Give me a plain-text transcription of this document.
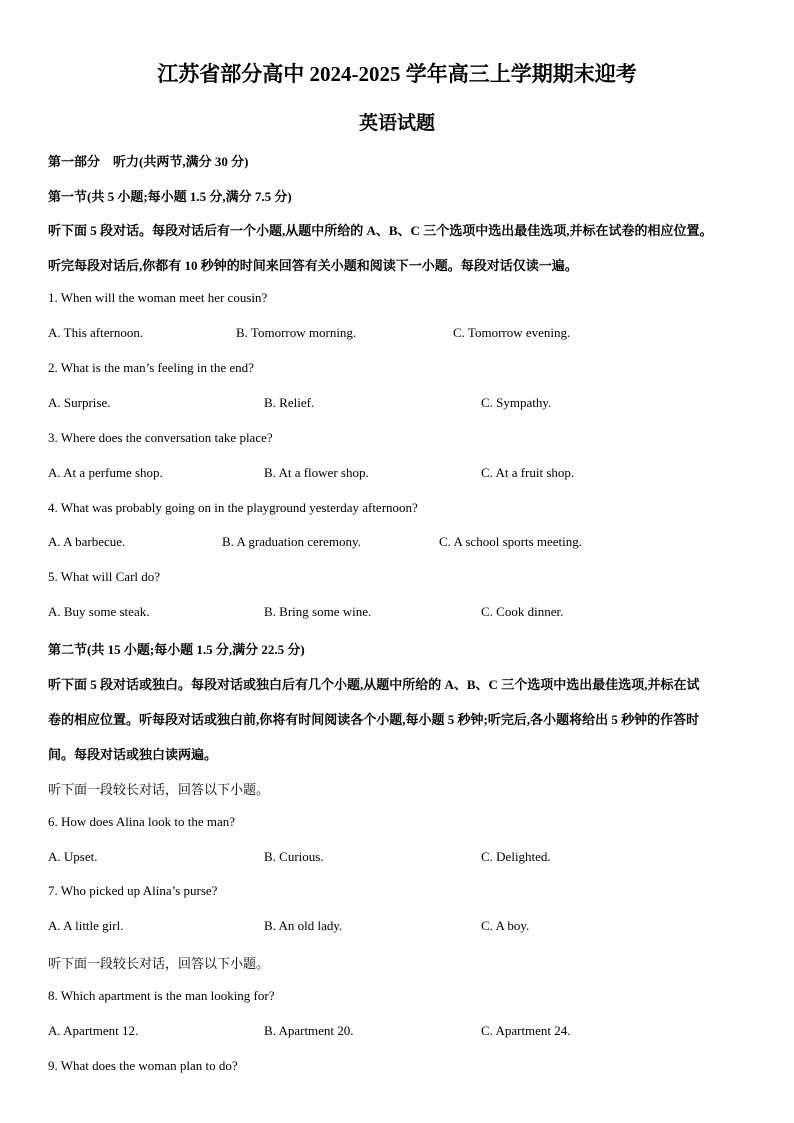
江苏省部分高中 2024-2025 学年高三上学期期末迎考
英语试题
第一部分　听力(共两节,满分 30 分)
第一节(共 5 小题;每小题 1.5 分,满分 7.5 分)
听下面 5 段对话。每段对话后有一个小题,从题中所给的 A、B、C 三个选项中选出最佳选项,并标在试卷的相应位置。
听完每段对话后,你都有 10 秒钟的时间来回答有关小题和阅读下一小题。每段对话仅读一遍。
1. When will the woman meet her cousin?
A. This afternoon.	B. Tomorrow morning.	C. Tomorrow evening.
2. What is the man’s feeling in the end?
A. Surprise.	B. Relief.	C. Sympathy.
3. Where does the conversation take place?
A. At a perfume shop.	B. At a flower shop.	C. At a fruit shop.
4. What was probably going on in the playground yesterday afternoon?
A. A barbecue.	B. A graduation ceremony.	C. A school sports meeting.
5. What will Carl do?
A. Buy some steak.	B. Bring some wine.	C. Cook dinner.
第二节(共 15 小题;每小题 1.5 分,满分 22.5 分)
听下面 5 段对话或独白。每段对话或独白后有几个小题,从题中所给的 A、B、C 三个选项中选出最佳选项,并标在试
卷的相应位置。听每段对话或独白前,你将有时间阅读各个小题,每小题 5 秒钟;听完后,各小题将给出 5 秒钟的作答时
间。每段对话或独白读两遍。
听下面一段较长对话，回答以下小题。
6. How does Alina look to the man?
A. Upset.	B. Curious.	C. Delighted.
7. Who picked up Alina’s purse?
A. A little girl.	B. An old lady.	C. A boy.
听下面一段较长对话，回答以下小题。
8. Which apartment is the man looking for?
A. Apartment 12.	B. Apartment 20.	C. Apartment 24.
9. What does the woman plan to do?
